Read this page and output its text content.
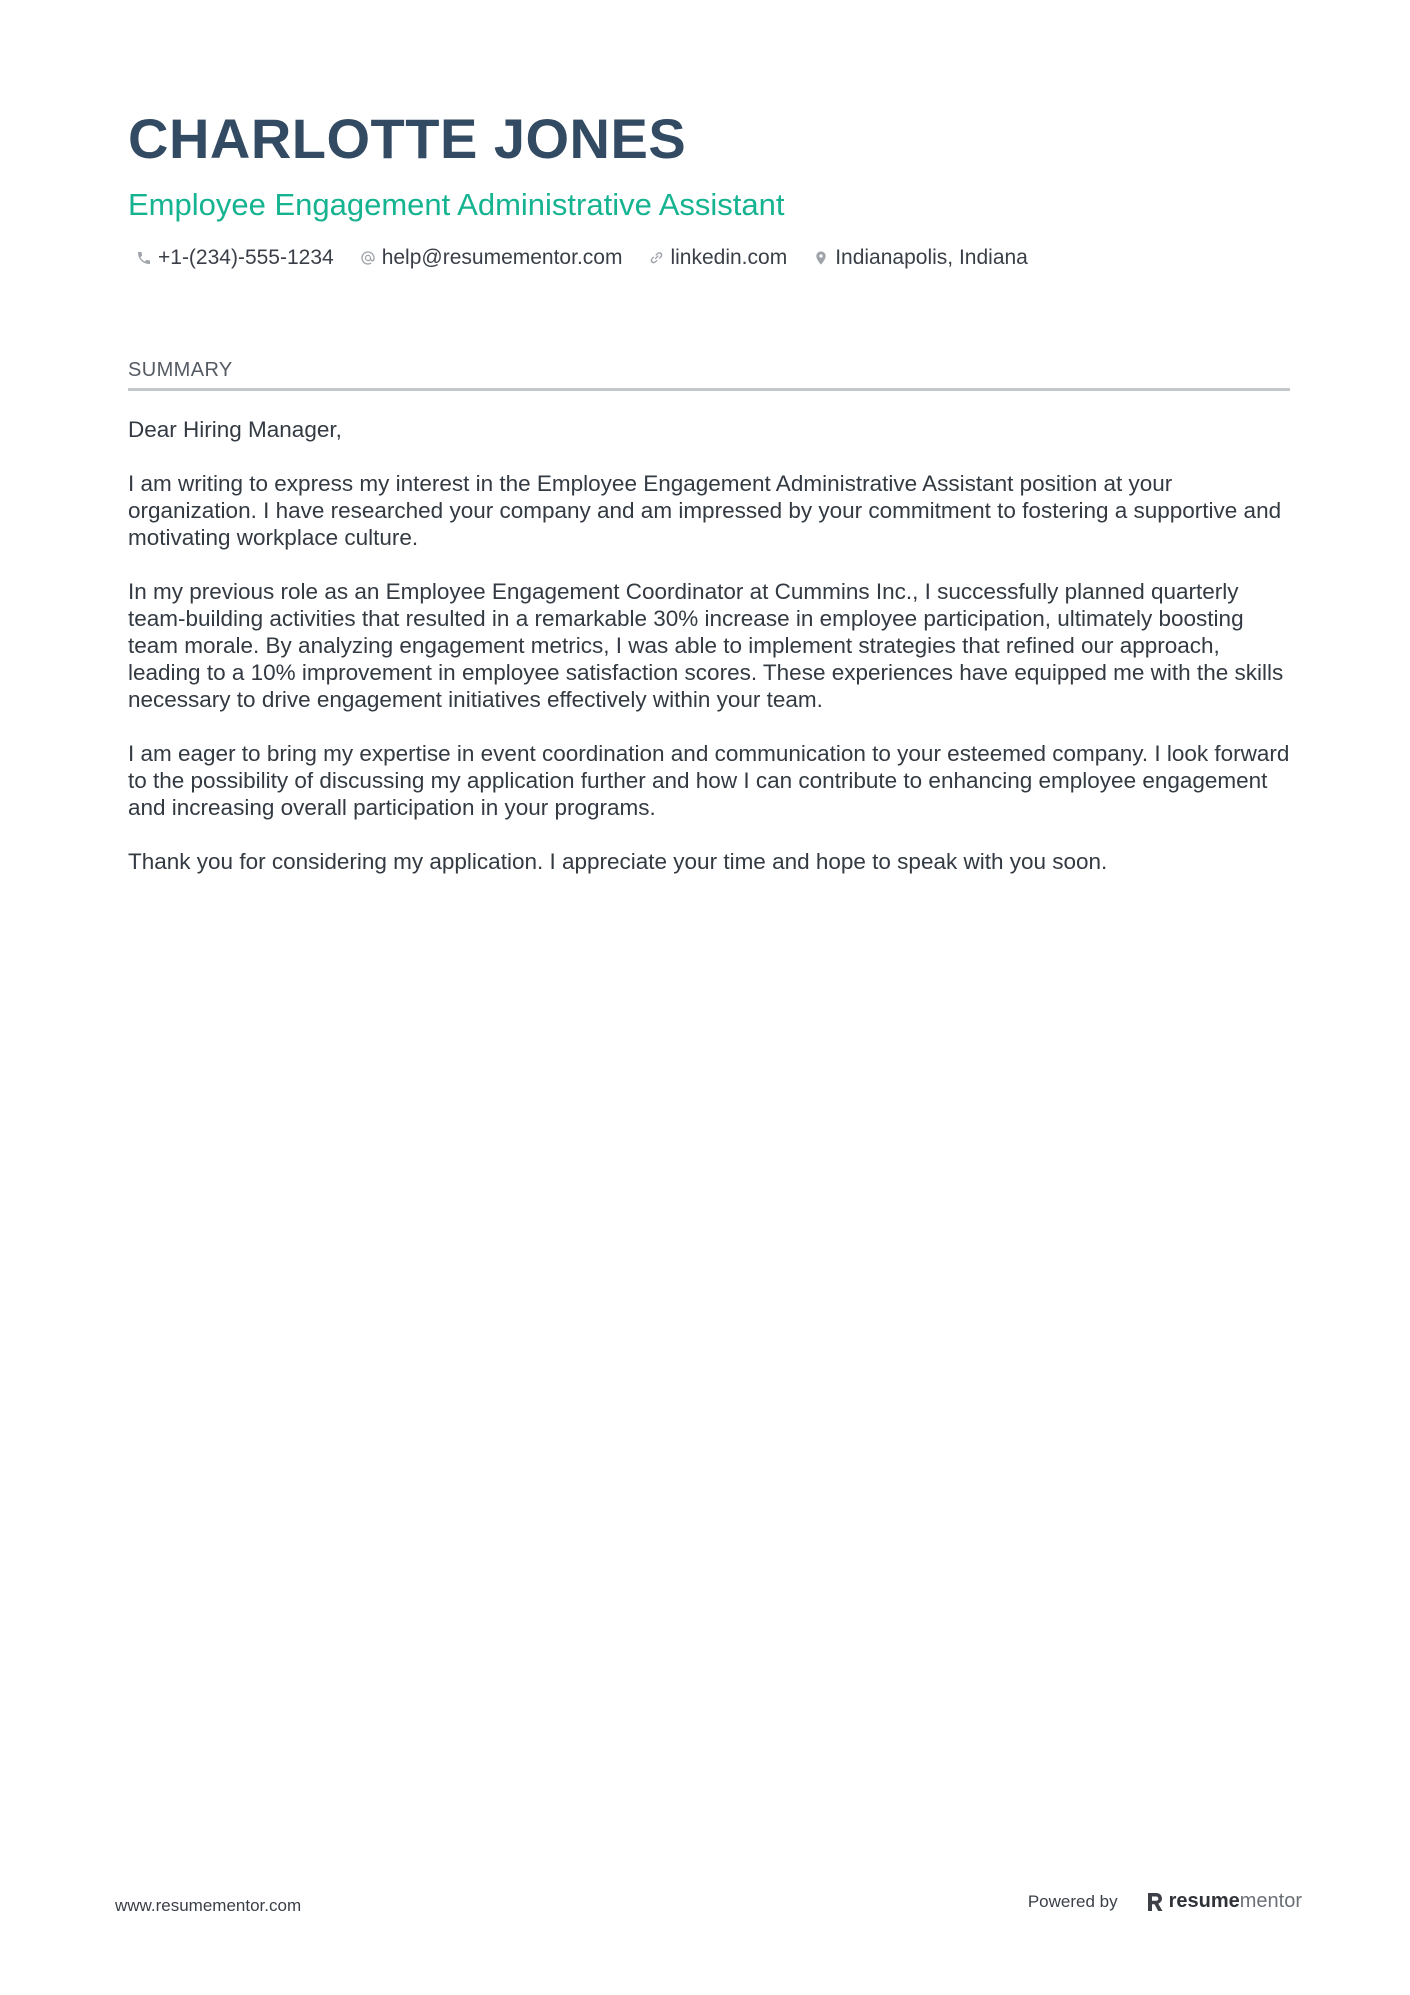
CHARLOTTE JONES
Employee Engagement Administrative Assistant
+1-(234)-555-1234 help@resumementor.com linkedin.com Indianapolis, Indiana
SUMMARY

Dear Hiring Manager,

I am writing to express my interest in the Employee Engagement Administrative Assistant position at your organization. I have researched your company and am impressed by your commitment to fostering a supportive and motivating workplace culture.

In my previous role as an Employee Engagement Coordinator at Cummins Inc., I successfully planned quarterly team-building activities that resulted in a remarkable 30% increase in employee participation, ultimately boosting team morale. By analyzing engagement metrics, I was able to implement strategies that refined our approach, leading to a 10% improvement in employee satisfaction scores. These experiences have equipped me with the skills necessary to drive engagement initiatives effectively within your team.

I am eager to bring my expertise in event coordination and communication to your esteemed company. I look forward to the possibility of discussing my application further and how I can contribute to enhancing employee engagement and increasing overall participation in your programs.

Thank you for considering my application. I appreciate your time and hope to speak with you soon.

www.resumementor.com	Powered by	resumementor
